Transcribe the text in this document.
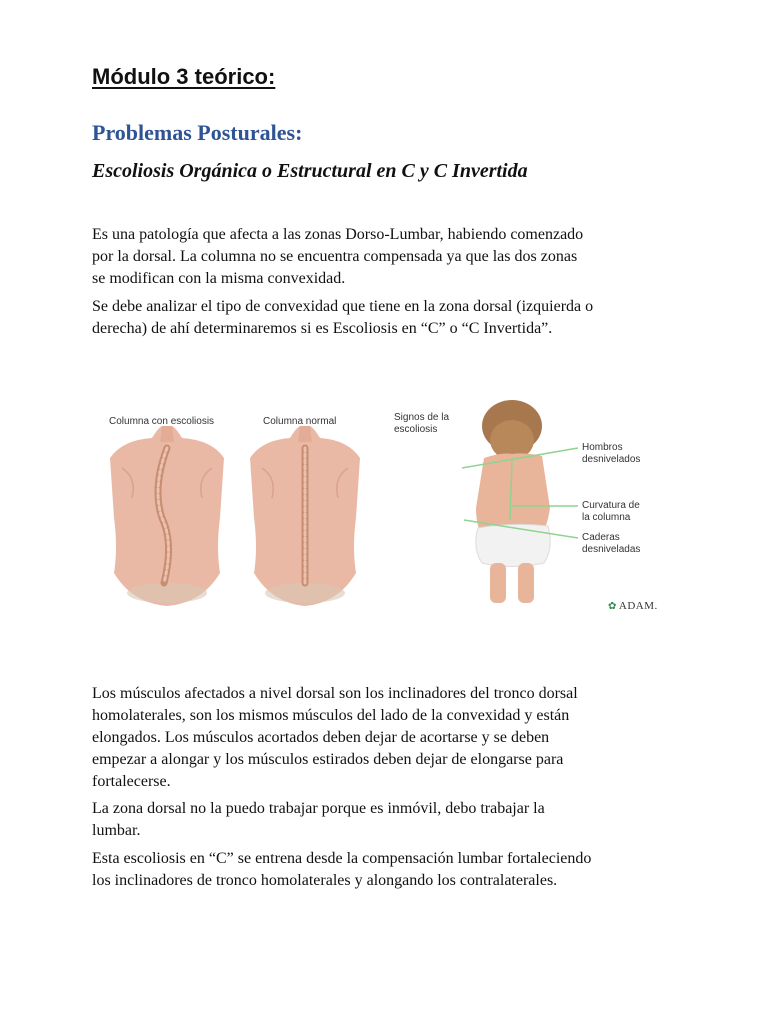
Módulo 3 teórico:
Problemas Posturales:
Escoliosis Orgánica o Estructural en C y C Invertida

Es una patología que afecta a las zonas Dorso-Lumbar, habiendo comenzado
por la dorsal. La columna no se encuentra compensada ya que las dos zonas
se modifican con la misma convexidad.

Se debe analizar el tipo de convexidad que tiene en la zona dorsal (izquierda o
derecha) de ahí determinaremos si es Escoliosis en “C” o “C Invertida”.

Columna con escoliosis	Columna normal	Signos de la
escoliosis
Hombros
desnivelados
Curvatura de
la columna
Caderas
desniveladas
✿ ADAM.

Los músculos afectados a nivel dorsal son los inclinadores del tronco dorsal
homolaterales, son los mismos músculos del lado de la convexidad y están
elongados. Los músculos acortados deben dejar de acortarse y se deben
empezar a alongar y los músculos estirados deben dejar de elongarse para
fortalecerse.

La zona dorsal no la puedo trabajar porque es inmóvil, debo trabajar la
lumbar.

Esta escoliosis en “C” se entrena desde la compensación lumbar fortaleciendo
los inclinadores de tronco homolaterales y alongando los contralaterales.
